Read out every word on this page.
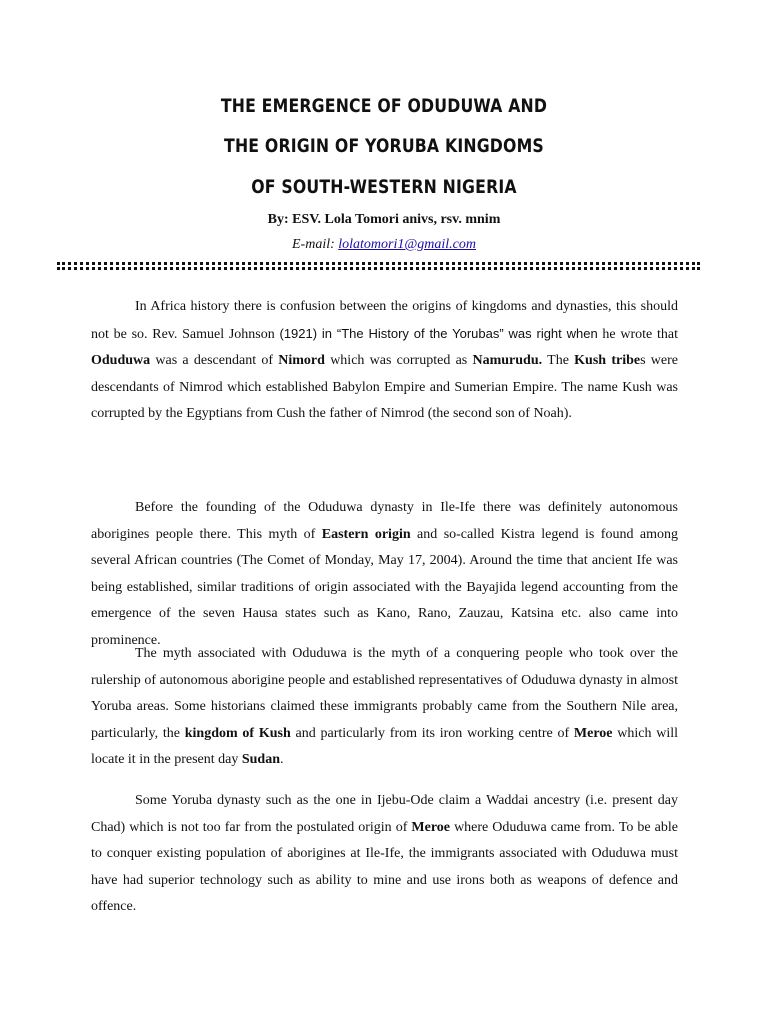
THE EMERGENCE OF ODUDUWA AND
THE ORIGIN OF YORUBA KINGDOMS
OF SOUTH-WESTERN NIGERIA
By: ESV. Lola Tomori anivs, rsv. mnim
E-mail: lolatomori1@gmail.com

In Africa history there is confusion between the origins of kingdoms and dynasties, this should not be so. Rev. Samuel Johnson (1921) in “The History of the Yorubas” was right when he wrote that Oduduwa was a descendant of Nimord which was corrupted as Namurudu. The Kush tribes were descendants of Nimrod which established Babylon Empire and Sumerian Empire. The name Kush was corrupted by the Egyptians from Cush the father of Nimrod (the second son of Noah).

Before the founding of the Oduduwa dynasty in Ile-Ife there was definitely autonomous aborigines people there. This myth of Eastern origin and so-called Kistra legend is found among several African countries (The Comet of Monday, May 17, 2004). Around the time that ancient Ife was being established, similar traditions of origin associated with the Bayajida legend accounting from the emergence of the seven Hausa states such as Kano, Rano, Zauzau, Katsina etc. also came into prominence.

The myth associated with Oduduwa is the myth of a conquering people who took over the rulership of autonomous aborigine people and established representatives of Oduduwa dynasty in almost Yoruba areas. Some historians claimed these immigrants probably came from the Southern Nile area, particularly, the kingdom of Kush and particularly from its iron working centre of Meroe which will locate it in the present day Sudan.

Some Yoruba dynasty such as the one in Ijebu-Ode claim a Waddai ancestry (i.e. present day Chad) which is not too far from the postulated origin of Meroe where Oduduwa came from. To be able to conquer existing population of aborigines at Ile-Ife, the immigrants associated with Oduduwa must have had superior technology such as ability to mine and use irons both as weapons of defence and offence.
